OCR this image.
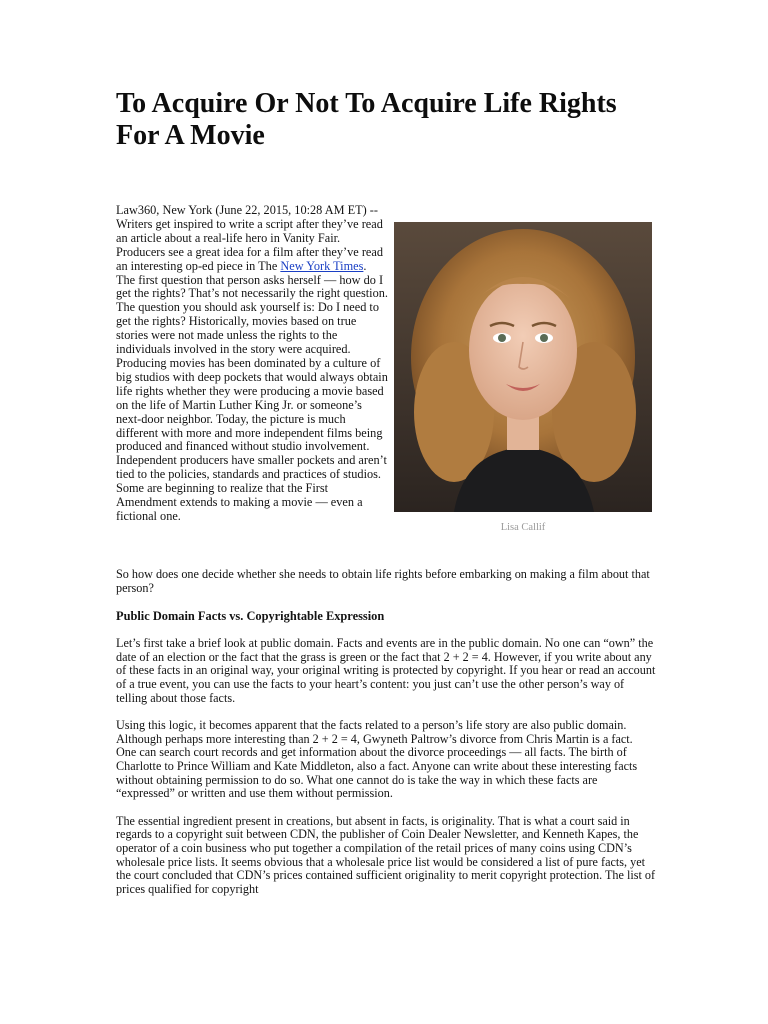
To Acquire Or Not To Acquire Life Rights For A Movie
Law360, New York (June 22, 2015, 10:28 AM ET) --
Writers get inspired to write a script after they’ve read an article about a real-life hero in Vanity Fair. Producers see a great idea for a film after they’ve read an interesting op-ed piece in The New York Times. The first question that person asks herself — how do I get the rights? That’s not necessarily the right question. The question you should ask yourself is: Do I need to get the rights? Historically, movies based on true stories were not made unless the rights to the individuals involved in the story were acquired. Producing movies has been dominated by a culture of big studios with deep pockets that would always obtain life rights whether they were producing a movie based on the life of Martin Luther King Jr. or someone’s next-door neighbor. Today, the picture is much different with more and more independent films being produced and financed without studio involvement. Independent producers have smaller pockets and aren’t tied to the policies, standards and practices of studios. Some are beginning to realize that the First Amendment extends to making a movie — even a fictional one.
Lisa Callif

So how does one decide whether she needs to obtain life rights before embarking on making a film about that person?

Public Domain Facts vs. Copyrightable Expression

Let’s first take a brief look at public domain. Facts and events are in the public domain. No one can “own” the date of an election or the fact that the grass is green or the fact that 2 + 2 = 4. However, if you write about any of these facts in an original way, your original writing is protected by copyright. If you hear or read an account of a true event, you can use the facts to your heart’s content: you just can’t use the other person’s way of telling about those facts.

Using this logic, it becomes apparent that the facts related to a person’s life story are also public domain. Although perhaps more interesting than 2 + 2 = 4, Gwyneth Paltrow’s divorce from Chris Martin is a fact. One can search court records and get information about the divorce proceedings — all facts. The birth of Charlotte to Prince William and Kate Middleton, also a fact. Anyone can write about these interesting facts without obtaining permission to do so. What one cannot do is take the way in which these facts are “expressed” or written and use them without permission.

The essential ingredient present in creations, but absent in facts, is originality. That is what a court said in regards to a copyright suit between CDN, the publisher of Coin Dealer Newsletter, and Kenneth Kapes, the operator of a coin business who put together a compilation of the retail prices of many coins using CDN’s wholesale price lists. It seems obvious that a wholesale price list would be considered a list of pure facts, yet the court concluded that CDN’s prices contained sufficient originality to merit copyright protection. The list of prices qualified for copyright
